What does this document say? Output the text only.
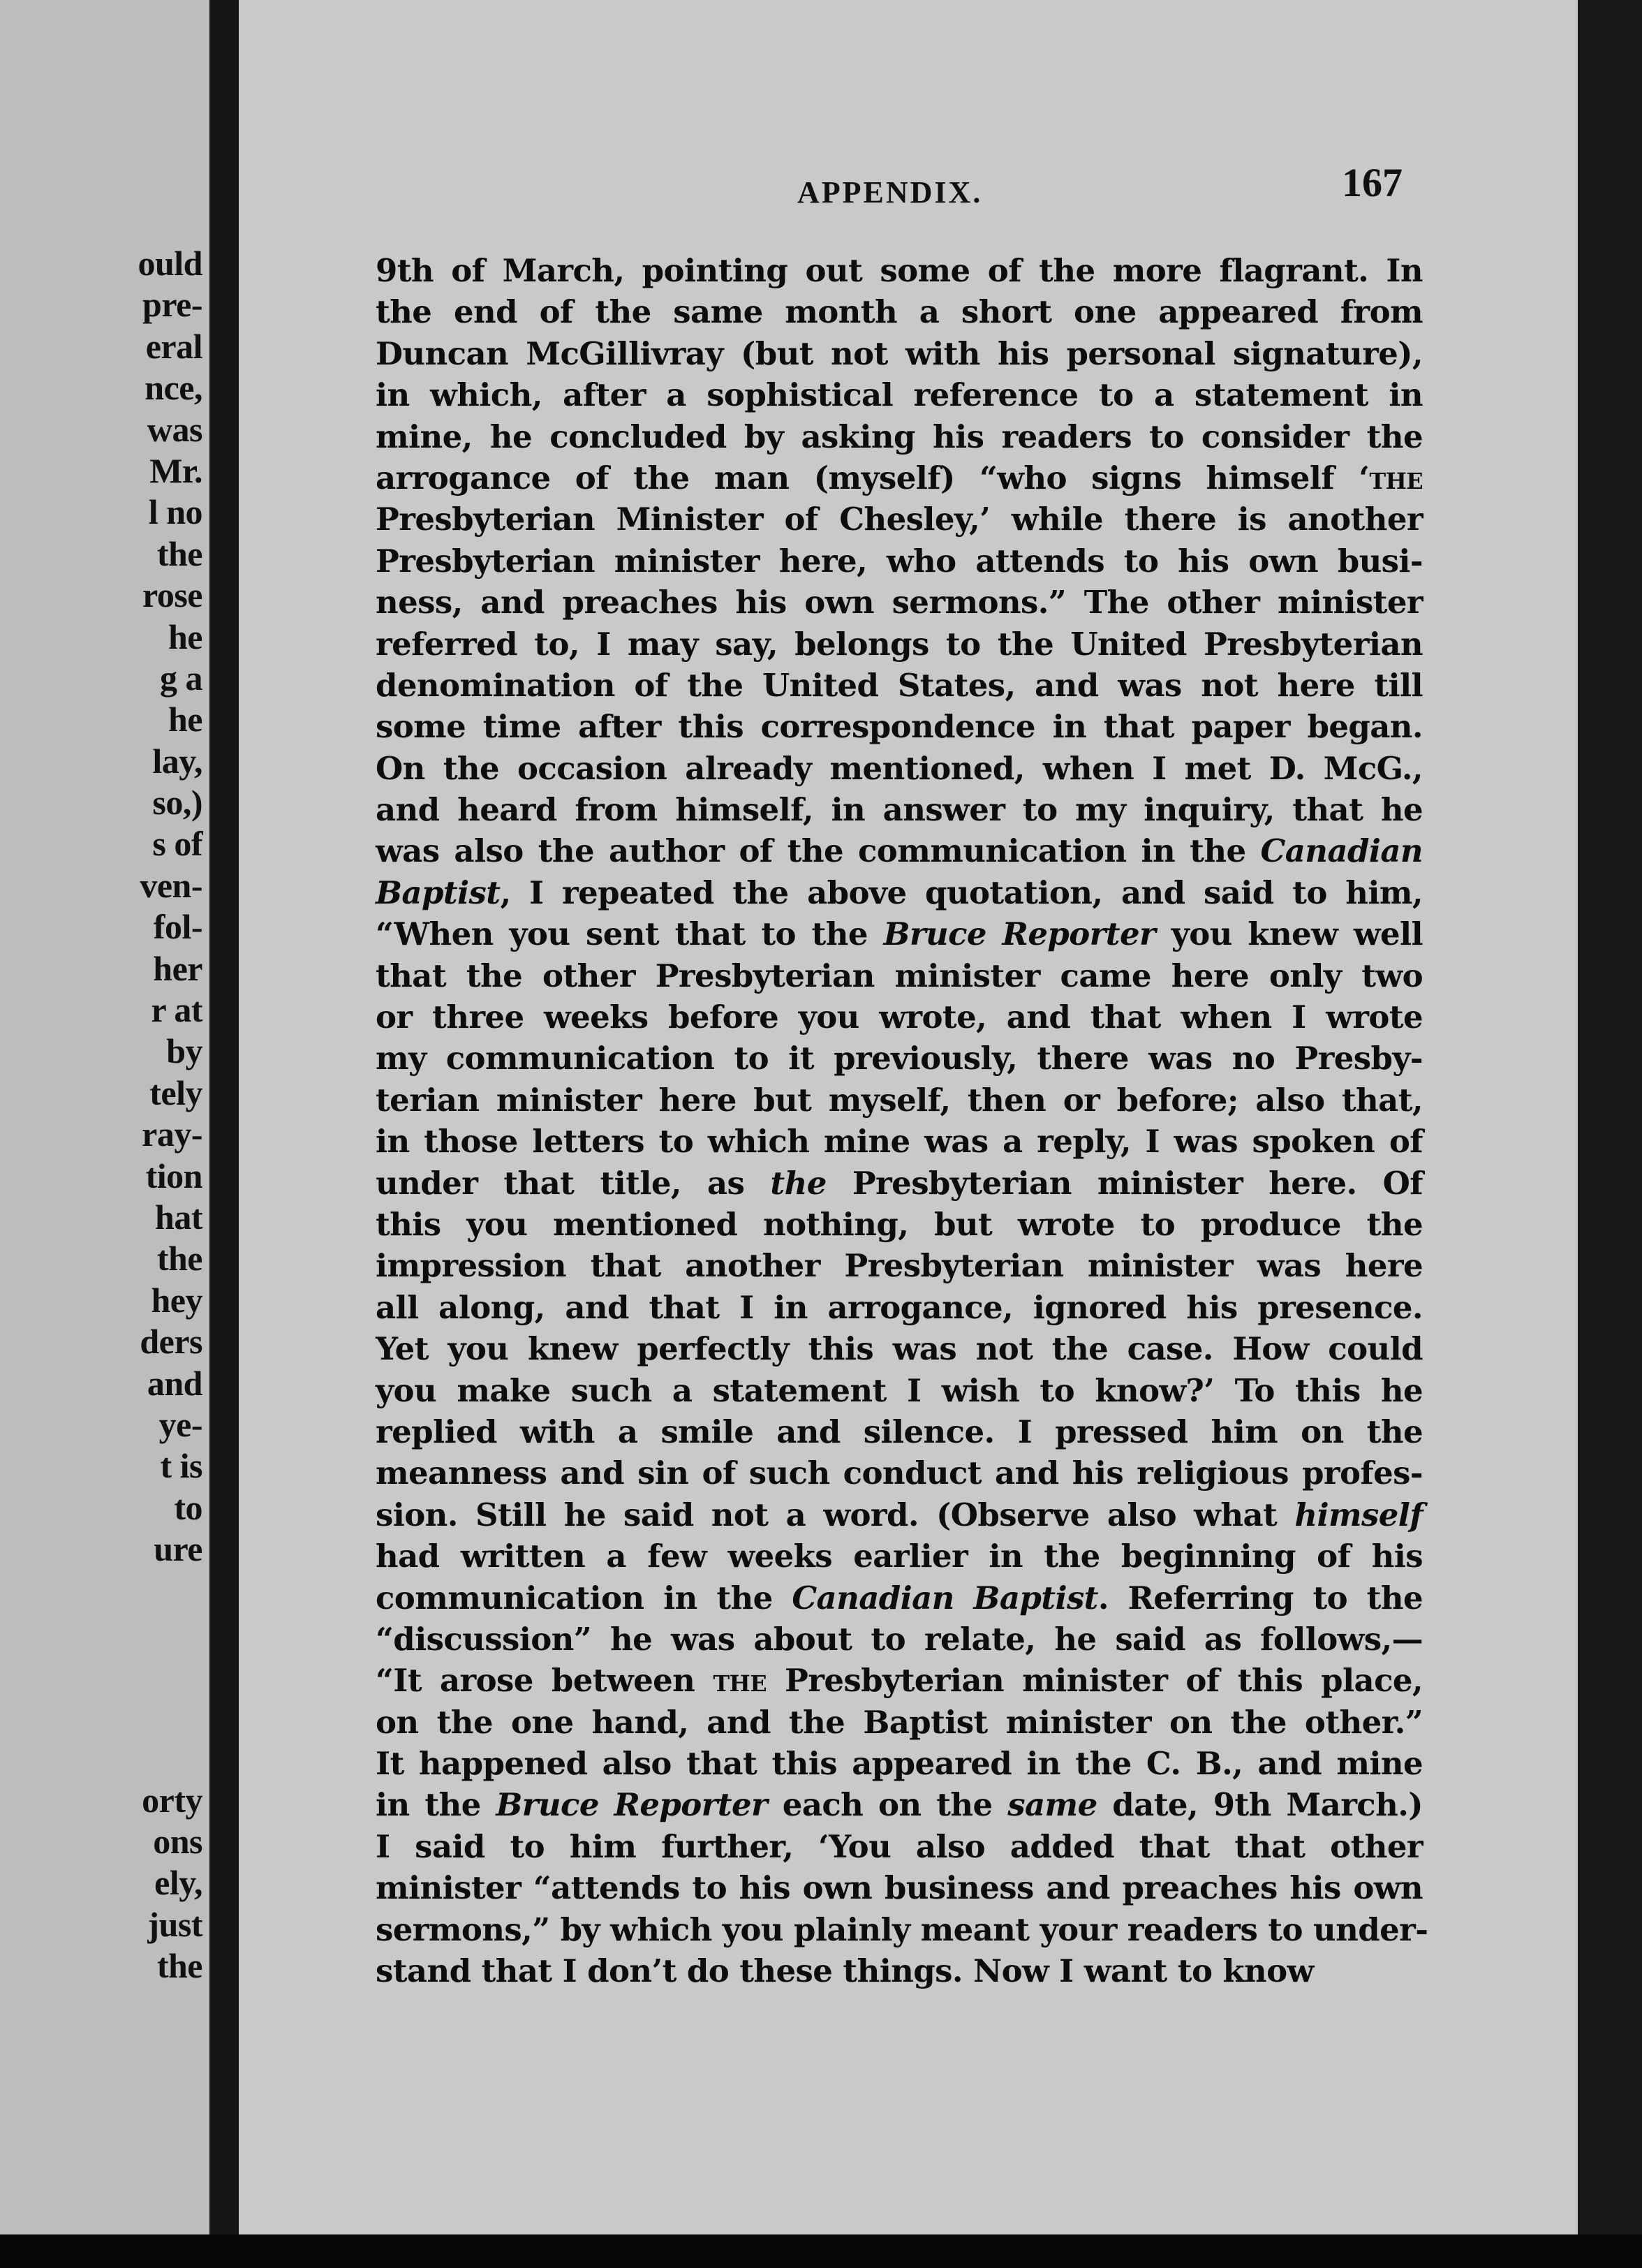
ould
pre-
eral
nce,
was
Mr.
l no
the
rose
he
g a
he
lay,
so,)
s of
ven-
fol-
her
r at
by
tely
ray-
tion
hat
the
hey
ders
and
ye-
t is
to
ure
orty
ons
ely,
just
the
APPENDIX.	167
9th of March, pointing out some of the more flagrant. In
the end of the same month a short one appeared from
Duncan McGillivray (but not with his personal signature),
in which, after a sophistical reference to a statement in
mine, he concluded by asking his readers to consider the
arrogance of the man (myself) “who signs himself ‘the
Presbyterian Minister of Chesley,’ while there is another
Presbyterian minister here, who attends to his own busi-
ness, and preaches his own sermons.” The other minister
referred to, I may say, belongs to the United Presbyterian
denomination of the United States, and was not here till
some time after this correspondence in that paper began.
On the occasion already mentioned, when I met D. McG.,
and heard from himself, in answer to my inquiry, that he
was also the author of the communication in the Canadian
Baptist, I repeated the above quotation, and said to him,
“When you sent that to the Bruce Reporter you knew well
that the other Presbyterian minister came here only two
or three weeks before you wrote, and that when I wrote
my communication to it previously, there was no Presby-
terian minister here but myself, then or before; also that,
in those letters to which mine was a reply, I was spoken of
under that title, as the Presbyterian minister here. Of
this you mentioned nothing, but wrote to produce the
impression that another Presbyterian minister was here
all along, and that I in arrogance, ignored his presence.
Yet you knew perfectly this was not the case. How could
you make such a statement I wish to know?’ To this he
replied with a smile and silence. I pressed him on the
meanness and sin of such conduct and his religious profes-
sion. Still he said not a word. (Observe also what himself
had written a few weeks earlier in the beginning of his
communication in the Canadian Baptist. Referring to the
“discussion” he was about to relate, he said as follows,—
“It arose between the Presbyterian minister of this place,
on the one hand, and the Baptist minister on the other.”
It happened also that this appeared in the C. B., and mine
in the Bruce Reporter each on the same date, 9th March.)
I said to him further, ‘You also added that that other
minister “attends to his own business and preaches his own
sermons,” by which you plainly meant your readers to under-
stand that I don’t do these things. Now I want to know
